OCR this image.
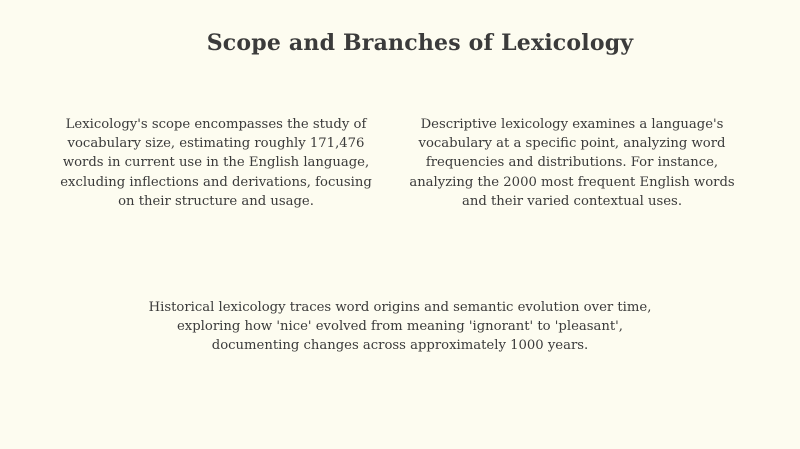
Scope and Branches of Lexicology

Lexicology's scope encompasses the study of vocabulary size, estimating roughly 171,476 words in current use in the English language, excluding inflections and derivations, focusing on their structure and usage.

Descriptive lexicology examines a language's vocabulary at a specific point, analyzing word frequencies and distributions. For instance, analyzing the 2000 most frequent English words and their varied contextual uses.

Historical lexicology traces word origins and semantic evolution over time, exploring how 'nice' evolved from meaning 'ignorant' to 'pleasant', documenting changes across approximately 1000 years.
